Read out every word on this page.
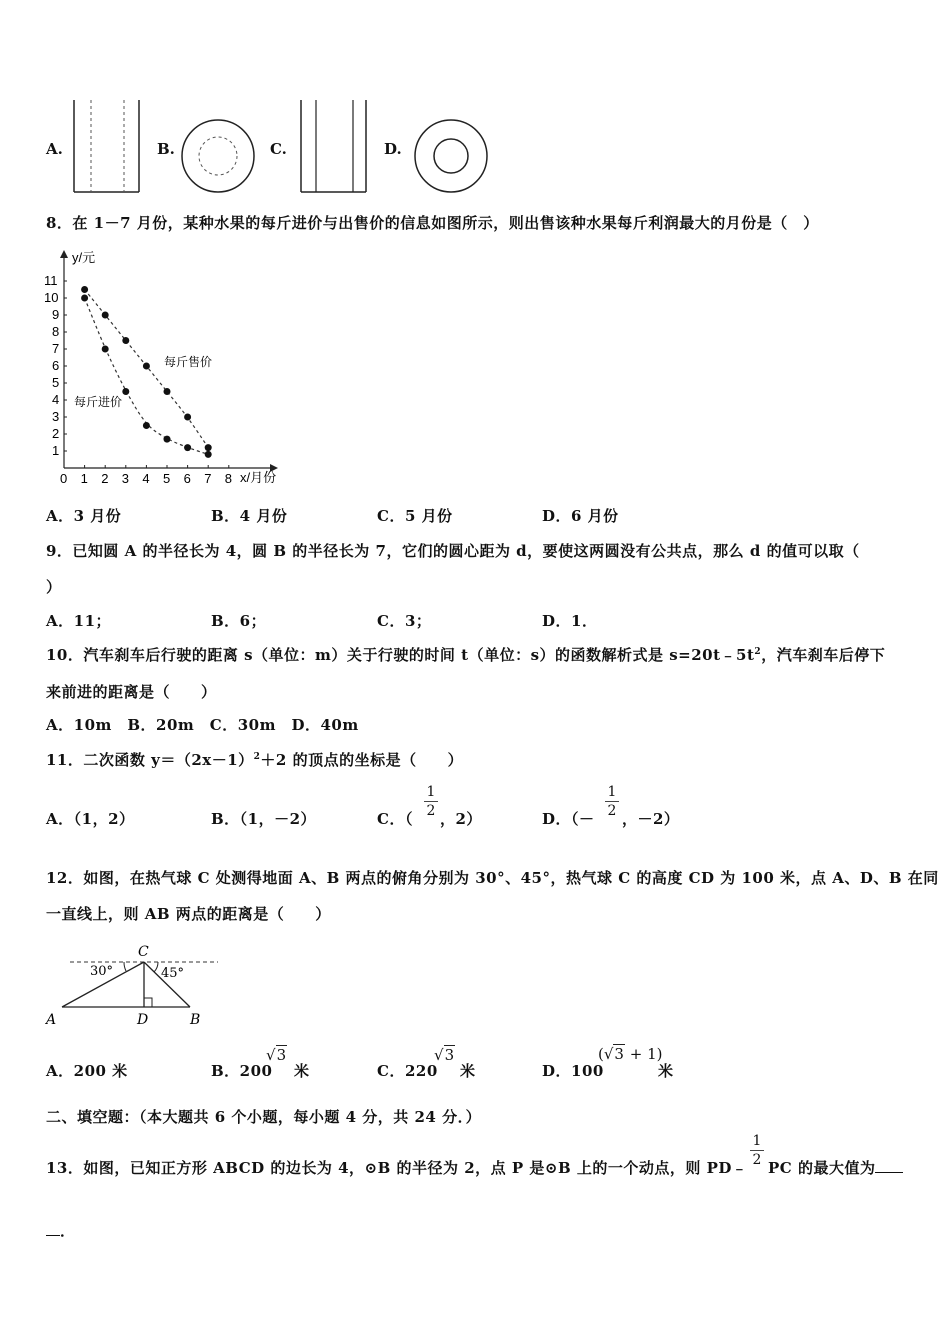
A.	B.	C.	D.
8．在 1－7 月份，某种水果的每斤进价与出售价的信息如图所示，则出售该种水果每斤利润最大的月份是（　）
y/元
x/月份
0 1 2 3 4 5 6 7 8
1
2
3
4
5
6
7
8
9
10
11
每斤售价
每斤进价
A．3 月份	B．4 月份	C．5 月份	D．6 月份
9．已知圆 A 的半径长为 4，圆 B 的半径长为 7，它们的圆心距为 d，要使这两圆没有公共点，那么 d 的值可以取（
）
A．11；	B．6；	C．3；	D．1．
10．汽车刹车后行驶的距离 s（单位：m）关于行驶的时间 t（单位：s）的函数解析式是 $s=20t﹣5t^2$，汽车刹车后停下
来前进的距离是（　　）
A．10m　B．20m　C．30m　D．40m
11．二次函数 $y=(2x-1)^2+2$ 的顶点的坐标是（　　）
A．（1，2）	B．（1，－2）	C．（ $\frac{1}{2}$ ，2）	D．（－ $\frac{1}{2}$ ，－2）
12．如图，在热气球 C 处测得地面 A、B 两点的俯角分别为 30°、45°，热气球 C 的高度 CD 为 100 米，点 A、D、B 在同
一直线上，则 AB 两点的距离是（　　）
C
A	D	B
30°	45°
A．200 米	B．200
√3
米	C．220
√3
米	D．100
(√3 + 1)
米
二、填空题：（本大题共 6 个小题，每小题 4 分，共 24 分．）
13．如图，已知正方形 ABCD 的边长为 4，⊙B 的半径为 2，点 P 是⊙B 上的一个动点，则 PD﹣ $\frac{1}{2}$ PC 的最大值为
．
